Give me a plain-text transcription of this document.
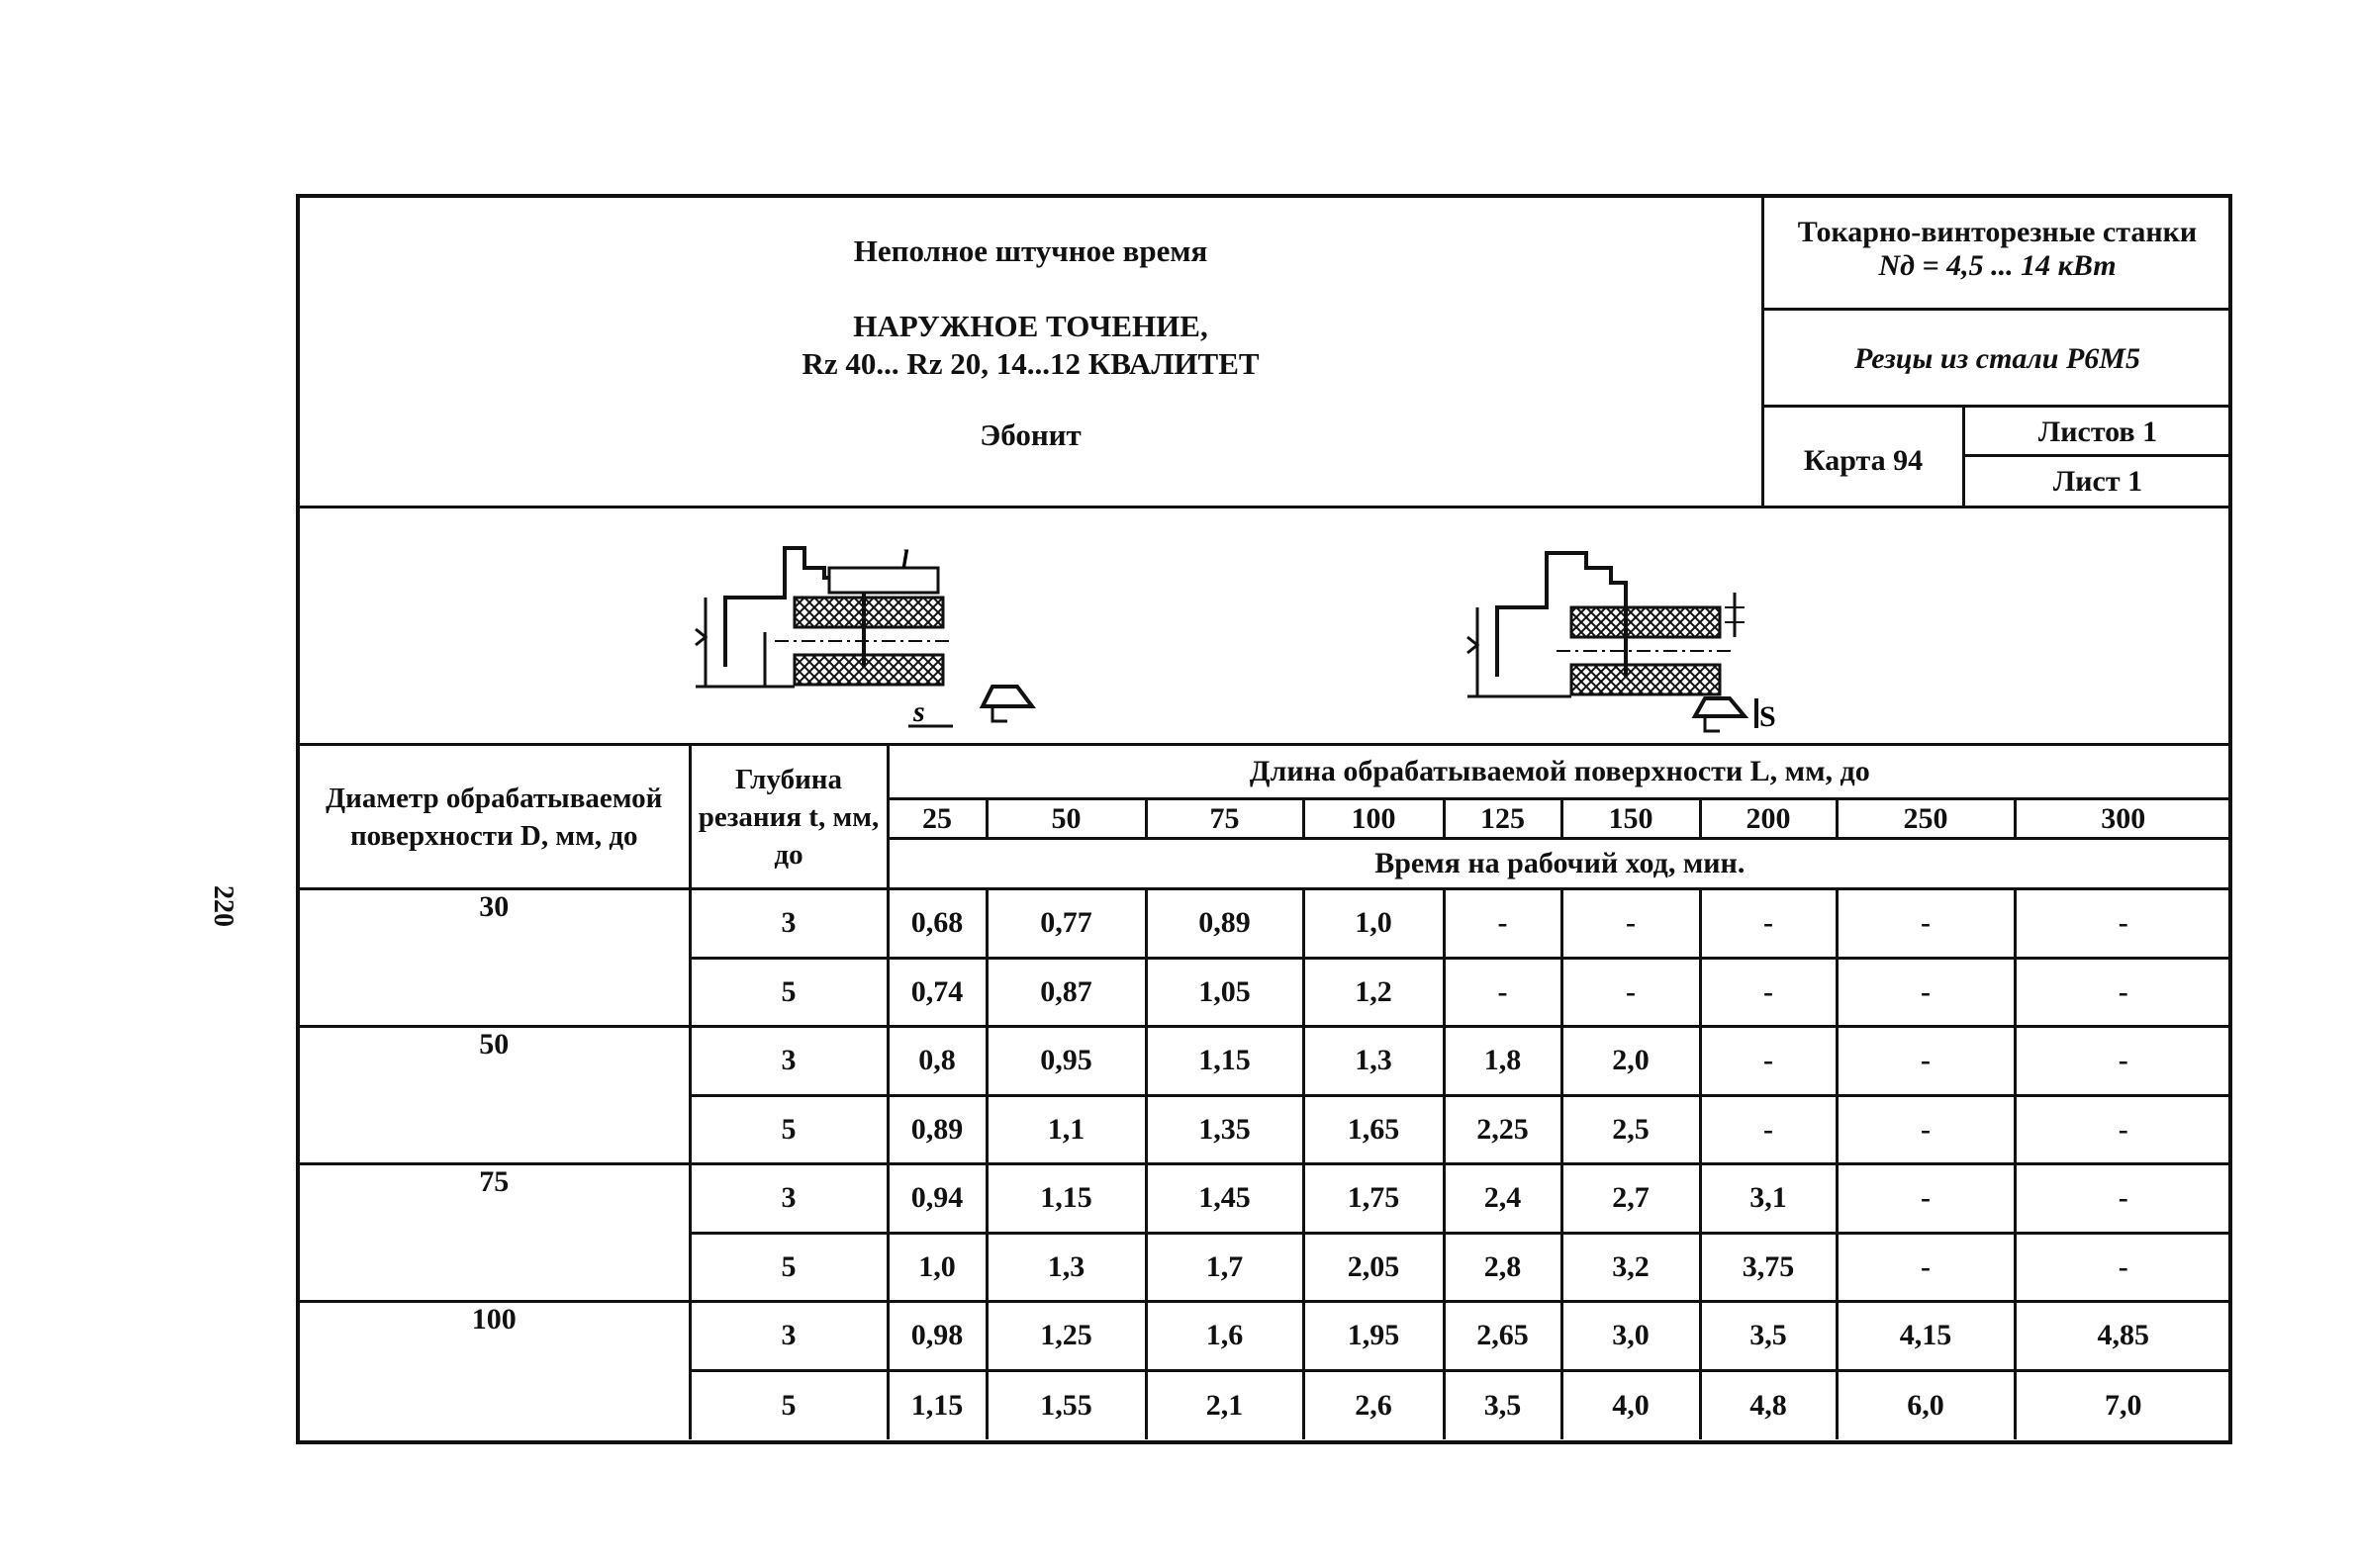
220
Неполное штучное время
НАРУЖНОЕ ТОЧЕНИЕ,
Rz 40... Rz 20, 14...12 КВАЛИТЕТ
Эбонит
Токарно-винторезные станки
Nд = 4,5 ... 14 кВт
Резцы из стали Р6М5
Карта 94
Листов 1
Лист 1
l
s	S
Диаметр обрабатываемой поверхности D, мм, до	Глубина резания t, мм, до	Длина обрабатываемой поверхности L, мм, до								
		25	50	75	100	125	150	200	250	300
		Время на рабочий ход, мин.								
30	3	0,68	0,77	0,89	1,0	-	-	-	-	-
	5	0,74	0,87	1,05	1,2	-	-	-	-	-
50	3	0,8	0,95	1,15	1,3	1,8	2,0	-	-	-
	5	0,89	1,1	1,35	1,65	2,25	2,5	-	-	-
75	3	0,94	1,15	1,45	1,75	2,4	2,7	3,1	-	-
	5	1,0	1,3	1,7	2,05	2,8	3,2	3,75	-	-
100	3	0,98	1,25	1,6	1,95	2,65	3,0	3,5	4,15	4,85
	5	1,15	1,55	2,1	2,6	3,5	4,0	4,8	6,0	7,0
